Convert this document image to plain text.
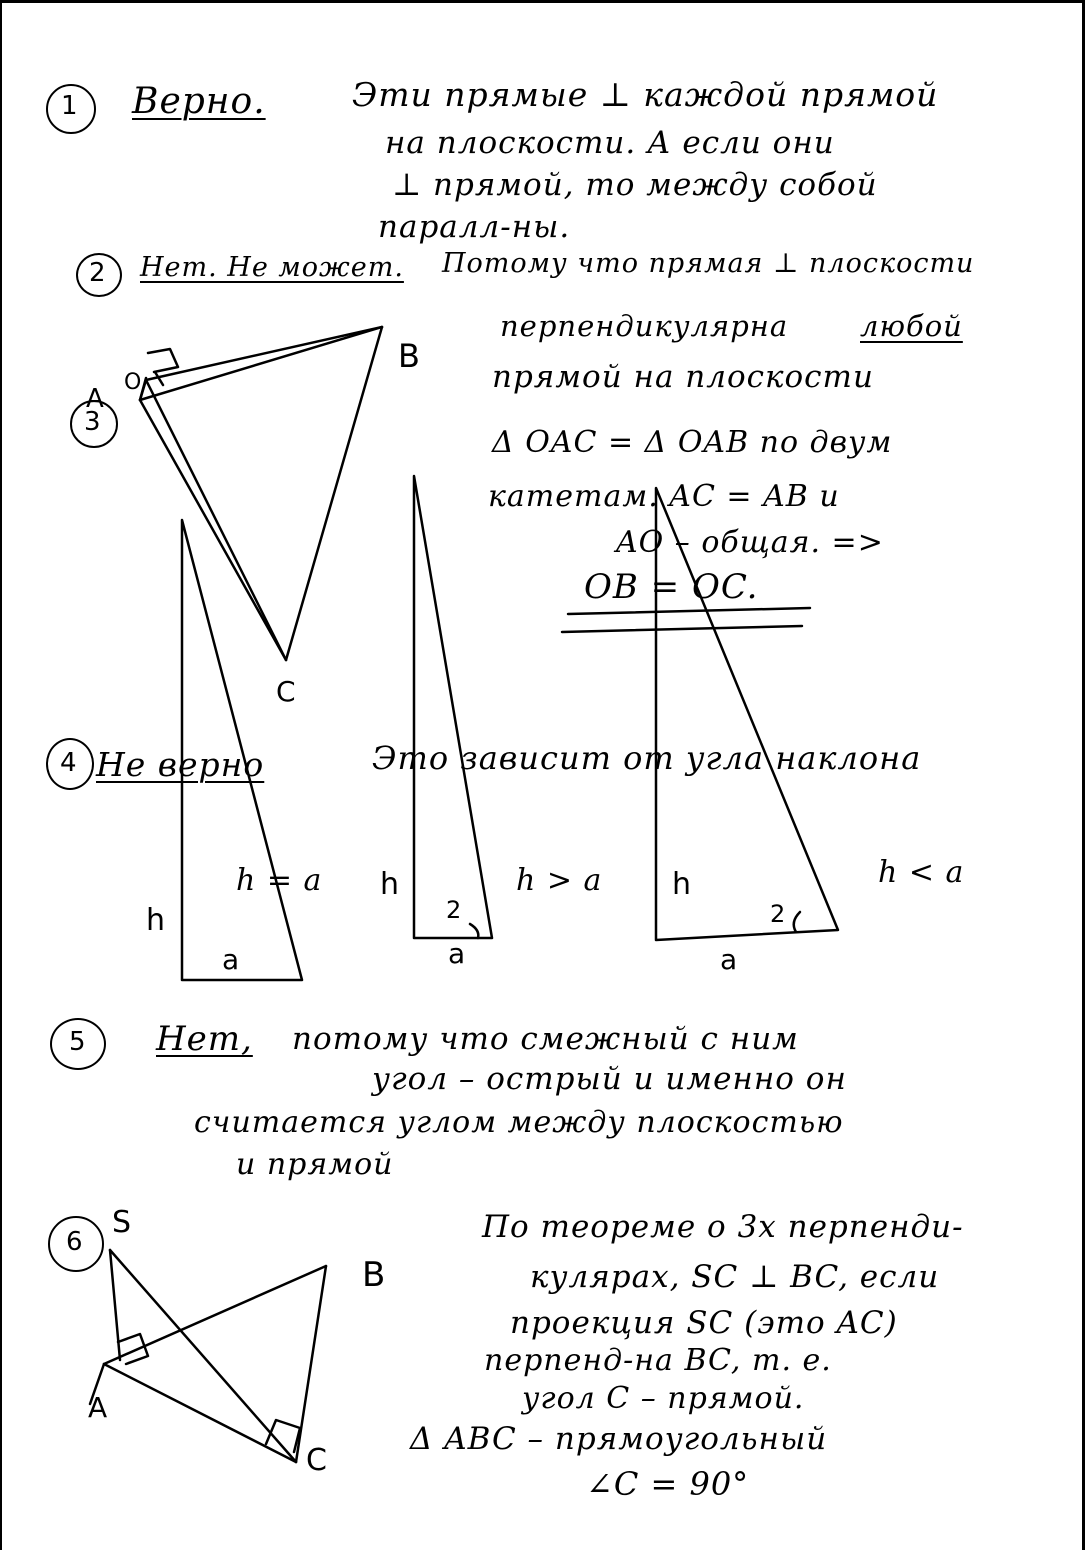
1 Верно.	Эти прямые ⊥ каждой прямой
на плоскости. А если они
⊥ прямой, то между собой
паралл-ны.
2 Нет. Не может. Потому что прямая ⊥ плоскости
перпендикулярна любой
прямой на плоскости
3
O
B
A
C
Δ OAC = Δ OAB по двум
катетам. AC = AB и
AO – общая. =>
OB = OC.
4 Не верно	Это зависит от угла наклона
h
a
h = a h
2
a
h > a h
2
a
h < a
5 Нет, потому что смежный с ним
угол – острый и именно он
считается углом между плоскостью
и прямой
6
S
B
A
C
По теореме о 3х перпенди-
кулярах, SC ⊥ BC, если
проекция SC (это AC)
перпенд-на BC, т. е.
угол C – прямой.
Δ ABC – прямоугольный
∠C = 90°
